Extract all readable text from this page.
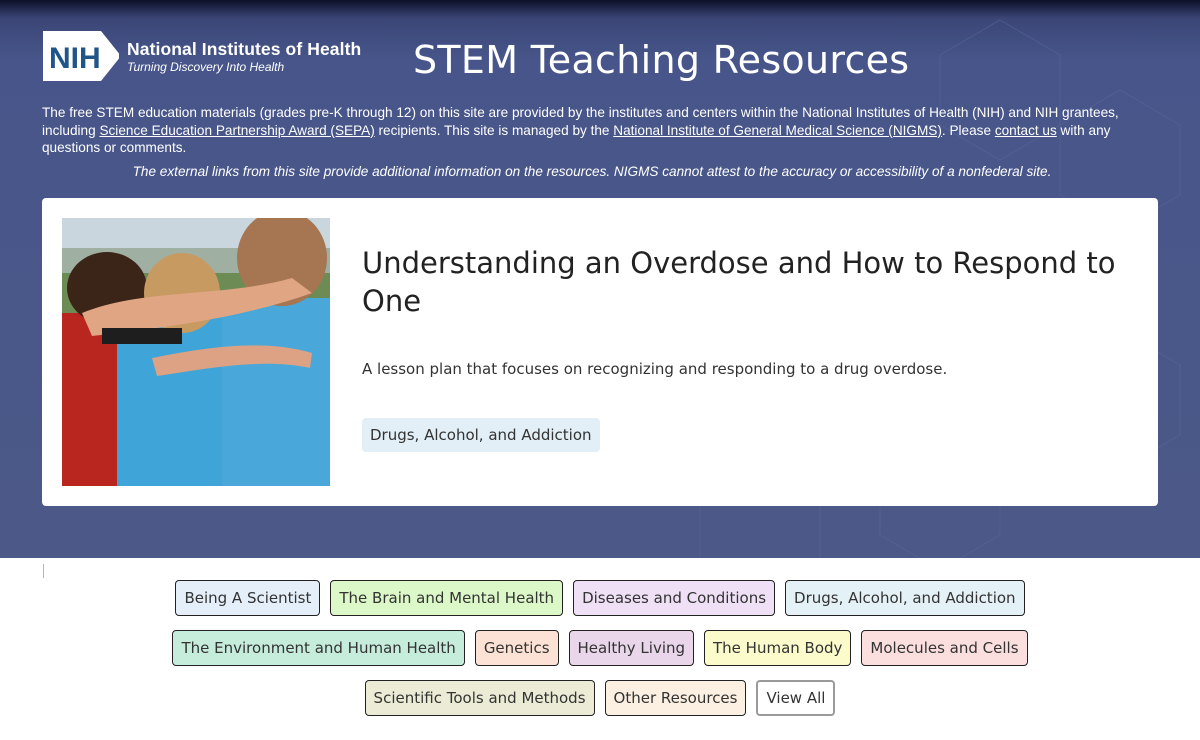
NIH National Institutes of Health
Turning Discovery Into Health	STEM Teaching Resources

The free STEM education materials (grades pre-K through 12) on this site are provided by the institutes and centers within the National Institutes of Health (NIH) and NIH grantees, including Science Education Partnership Award (SEPA) recipients. This site is managed by the National Institute of General Medical Science (NIGMS). Please contact us with any questions or comments.

The external links from this site provide additional information on the resources. NIGMS cannot attest to the accuracy or accessibility of a nonfederal site.

Understanding an Overdose and How to Respond to One

A lesson plan that focuses on recognizing and responding to a drug overdose.

Drugs, Alcohol, and Addiction
Being A Scientist	The Brain and Mental Health	Diseases and Conditions	Drugs, Alcohol, and Addiction
The Environment and Human Health	Genetics	Healthy Living	The Human Body	Molecules and Cells
Scientific Tools and Methods	Other Resources	View All
